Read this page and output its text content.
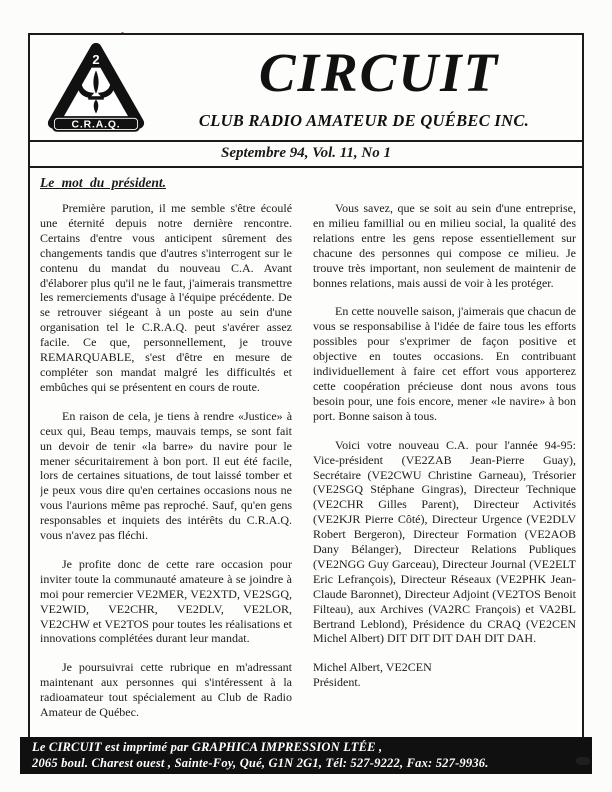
2
E	C
V	Q
C.R.A.Q.
CIRCUIT
CLUB RADIO AMATEUR DE QUÉBEC INC.
Septembre 94, Vol. 11, No 1
Le mot du président.

Première parution, il me semble s'être écoulé une éternité depuis notre dernière rencontre. Certains d'entre vous anticipent sûrement des changements tandis que d'autres s'interrogent sur le contenu du mandat du nouveau C.A. Avant d'élaborer plus qu'il ne le faut, j'aimerais transmettre les remerciements d'usage à l'équipe précédente. De se retrouver siégeant à un poste au sein d'une organisation tel le C.R.A.Q. peut s'avérer assez facile. Ce que, personnellement, je trouve REMARQUABLE, s'est d'être en mesure de compléter son mandat malgré les difficultés et embûches qui se présentent en cours de route.

En raison de cela, je tiens à rendre «Justice» à ceux qui, Beau temps, mauvais temps, se sont fait un devoir de tenir «la barre» du navire pour le mener sécuritairement à bon port. Il eut été facile, lors de certaines situations, de tout laissé tomber et je peux vous dire qu'en certaines occasions nous ne vous l'aurions même pas reproché. Sauf, qu'en gens responsables et inquiets des intérêts du C.R.A.Q. vous n'avez pas fléchi.

Je profite donc de cette rare occasion pour inviter toute la communauté amateure à se joindre à moi pour remercier VE2MER, VE2XTD, VE2SGQ, VE2WID, VE2CHR, VE2DLV, VE2LOR, VE2CHW et VE2TOS pour toutes les réalisations et innovations complétées durant leur mandat.

Je poursuivrai cette rubrique en m'adressant maintenant aux personnes qui s'intéressent à la radioamateur tout spécialement au Club de Radio Amateur de Québec.

Vous savez, que se soit au sein d'une entreprise, en milieu famillial ou en milieu social, la qualité des relations entre les gens repose essentiellement sur chacune des personnes qui compose ce milieu. Je trouve très important, non seulement de maintenir de bonnes relations, mais aussi de voir à les protéger.

En cette nouvelle saison, j'aimerais que chacun de vous se responsabilise à l'idée de faire tous les efforts possibles pour s'exprimer de façon positive et objective en toutes occasions. En contribuant individuellement à faire cet effort vous apporterez cette coopération précieuse dont nous avons tous besoin pour, une fois encore, mener «le navire» à bon port. Bonne saison à tous.

Voici votre nouveau C.A. pour l'année 94-95: Vice-président (VE2ZAB Jean-Pierre Guay), Secrétaire (VE2CWU Christine Garneau), Trésorier (VE2SGQ Stéphane Gingras), Directeur Technique (VE2CHR Gilles Parent), Directeur Activités (VE2KJR Pierre Côté), Directeur Urgence (VE2DLV Robert Bergeron), Directeur Formation (VE2AOB Dany Bélanger), Directeur Relations Publiques (VE2NGG Guy Garceau), Directeur Journal (VE2ELT Eric Lefrançois), Directeur Réseaux (VE2PHK Jean-Claude Baronnet), Directeur Adjoint (VE2TOS Benoit Filteau), aux Archives (VA2RC François) et VA2BL Bertrand Leblond), Présidence du CRAQ (VE2CEN Michel Albert) DIT DIT DIT DAH DIT DAH.

Michel Albert, VE2CEN

Président.

Le CIRCUIT est imprimé par GRAPHICA IMPRESSION LTÉE ,
2065 boul. Charest ouest , Sainte-Foy, Qué, G1N 2G1, Tél: 527-9222, Fax: 527-9936.
